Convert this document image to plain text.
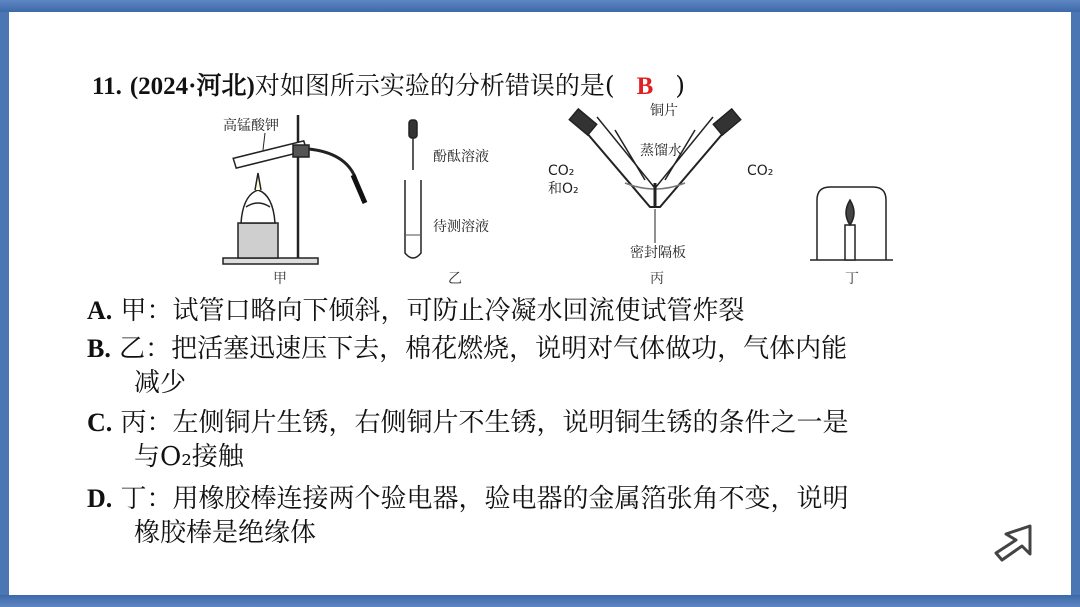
11. (2024·河北)对如图所示实验的分析错误的是( B )
高锰酸钾
甲
酚酞溶液
待测溶液
乙
铜片
蒸馏水
CO₂
和O₂
CO₂
密封隔板
丙	丁
A. 甲：试管口略向下倾斜，可防止冷凝水回流使试管炸裂
B. 乙：把活塞迅速压下去，棉花燃烧，说明对气体做功，气体内能
减少
C. 丙：左侧铜片生锈，右侧铜片不生锈，说明铜生锈的条件之一是
与O₂接触
D. 丁：用橡胶棒连接两个验电器，验电器的金属箔张角不变，说明
橡胶棒是绝缘体
